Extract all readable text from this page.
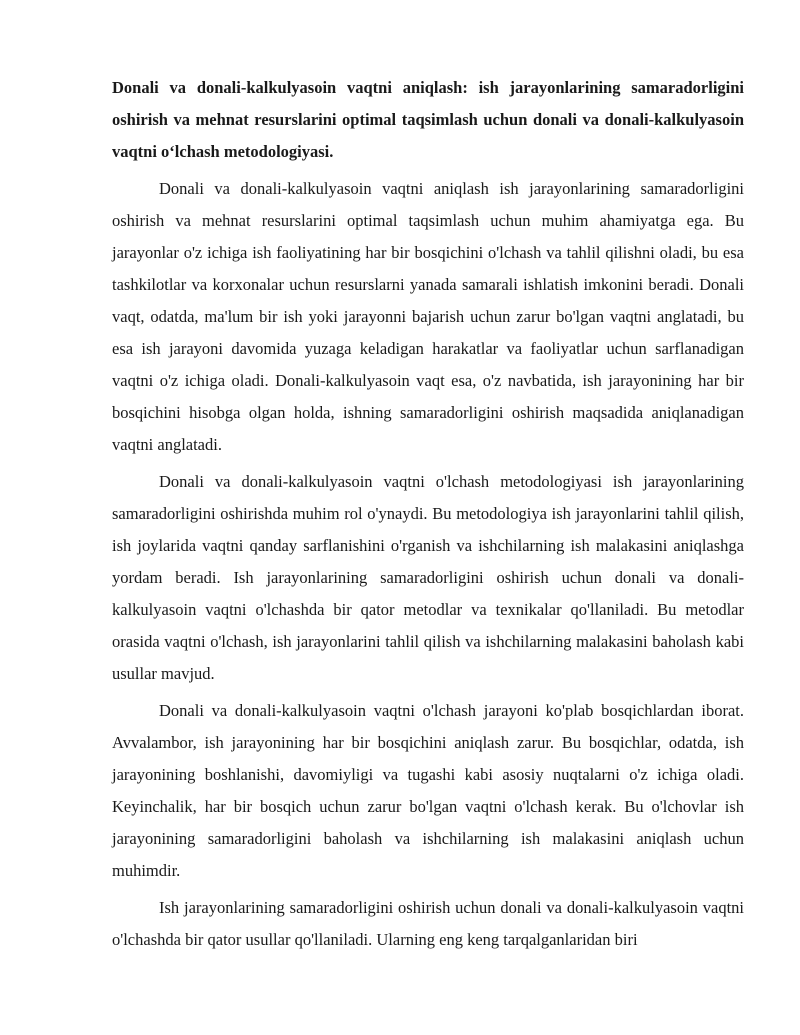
Donali va donali-kalkulyasoin vaqtni aniqlash: ish jarayonlarining samaradorligini oshirish va mehnat resurslarini optimal taqsimlash uchun donali va donali-kalkulyasoin vaqtni o‘lchash metodologiyasi.

Donali va donali-kalkulyasoin vaqtni aniqlash ish jarayonlarining samaradorligini oshirish va mehnat resurslarini optimal taqsimlash uchun muhim ahamiyatga ega. Bu jarayonlar o'z ichiga ish faoliyatining har bir bosqichini o'lchash va tahlil qilishni oladi, bu esa tashkilotlar va korxonalar uchun resurslarni yanada samarali ishlatish imkonini beradi. Donali vaqt, odatda, ma'lum bir ish yoki jarayonni bajarish uchun zarur bo'lgan vaqtni anglatadi, bu esa ish jarayoni davomida yuzaga keladigan harakatlar va faoliyatlar uchun sarflanadigan vaqtni o'z ichiga oladi. Donali-kalkulyasoin vaqt esa, o'z navbatida, ish jarayonining har bir bosqichini hisobga olgan holda, ishning samaradorligini oshirish maqsadida aniqlanadigan vaqtni anglatadi.

Donali va donali-kalkulyasoin vaqtni o'lchash metodologiyasi ish jarayonlarining samaradorligini oshirishda muhim rol o'ynaydi. Bu metodologiya ish jarayonlarini tahlil qilish, ish joylarida vaqtni qanday sarflanishini o'rganish va ishchilarning ish malakasini aniqlashga yordam beradi. Ish jarayonlarining samaradorligini oshirish uchun donali va donali-kalkulyasoin vaqtni o'lchashda bir qator metodlar va texnikalar qo'llaniladi. Bu metodlar orasida vaqtni o'lchash, ish jarayonlarini tahlil qilish va ishchilarning malakasini baholash kabi usullar mavjud.

Donali va donali-kalkulyasoin vaqtni o'lchash jarayoni ko'plab bosqichlardan iborat. Avvalambor, ish jarayonining har bir bosqichini aniqlash zarur. Bu bosqichlar, odatda, ish jarayonining boshlanishi, davomiyligi va tugashi kabi asosiy nuqtalarni o'z ichiga oladi. Keyinchalik, har bir bosqich uchun zarur bo'lgan vaqtni o'lchash kerak. Bu o'lchovlar ish jarayonining samaradorligini baholash va ishchilarning ish malakasini aniqlash uchun muhimdir.

Ish jarayonlarining samaradorligini oshirish uchun donali va donali-kalkulyasoin vaqtni o'lchashda bir qator usullar qo'llaniladi. Ularning eng keng tarqalganlaridan biri
